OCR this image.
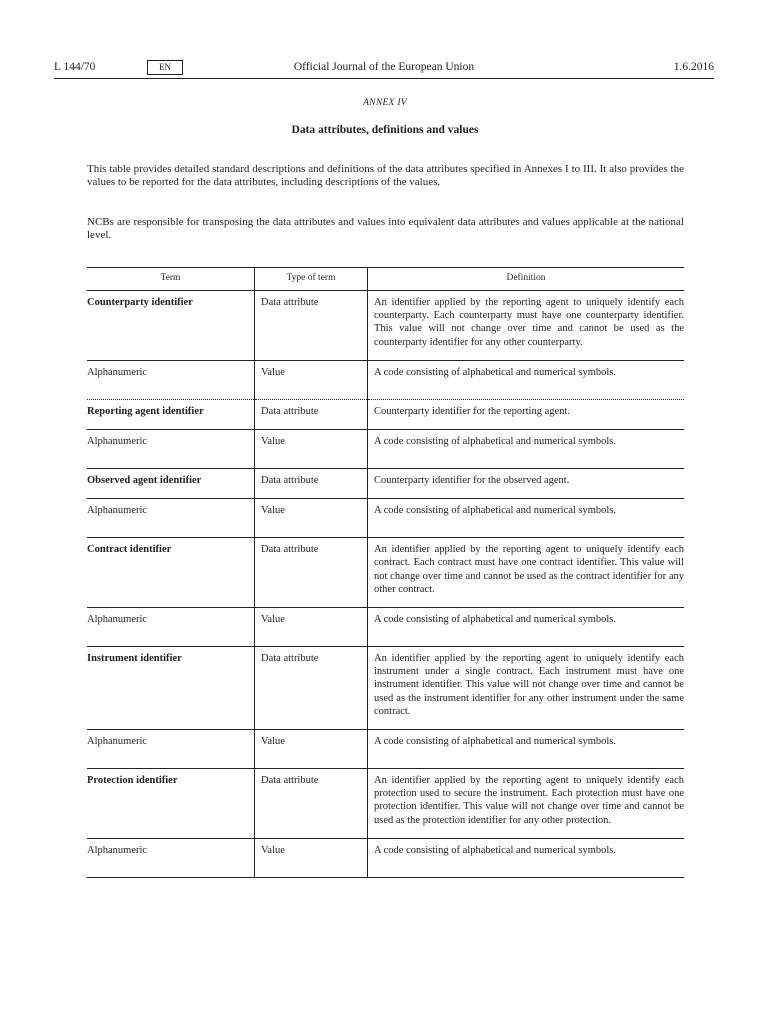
L 144/70	EN	Official Journal of the European Union	1.6.2016
ANNEX IV
Data attributes, definitions and values
This table provides detailed standard descriptions and definitions of the data attributes specified in Annexes I to III. It also provides the values to be reported for the data attributes, including descriptions of the values.
NCBs are responsible for transposing the data attributes and values into equivalent data attributes and values applicable at the national level.
Term	Type of term	Definition
Counterparty identifier	Data attribute	An identifier applied by the reporting agent to uniquely identify each counterparty. Each counterparty must have one counterparty identifier. This value will not change over time and cannot be used as the counterparty identifier for any other counterparty.
Alphanumeric	Value	A code consisting of alphabetical and numerical symbols.
Reporting agent identifier	Data attribute	Counterparty identifier for the reporting agent.
Alphanumeric	Value	A code consisting of alphabetical and numerical symbols.
Observed agent identifier	Data attribute	Counterparty identifier for the observed agent.
Alphanumeric	Value	A code consisting of alphabetical and numerical symbols.
Contract identifier	Data attribute	An identifier applied by the reporting agent to uniquely identify each contract. Each contract must have one contract identifier. This value will not change over time and cannot be used as the contract identifier for any other contract.
Alphanumeric	Value	A code consisting of alphabetical and numerical symbols.
Instrument identifier	Data attribute	An identifier applied by the reporting agent to uniquely identify each instrument under a single contract. Each instrument must have one instrument identifier. This value will not change over time and cannot be used as the instrument identifier for any other instrument under the same contract.
Alphanumeric	Value	A code consisting of alphabetical and numerical symbols.
Protection identifier	Data attribute	An identifier applied by the reporting agent to uniquely identify each protection used to secure the instrument. Each protection must have one protection identifier. This value will not change over time and cannot be used as the protection identifier for any other protection.
Alphanumeric	Value	A code consisting of alphabetical and numerical symbols.
